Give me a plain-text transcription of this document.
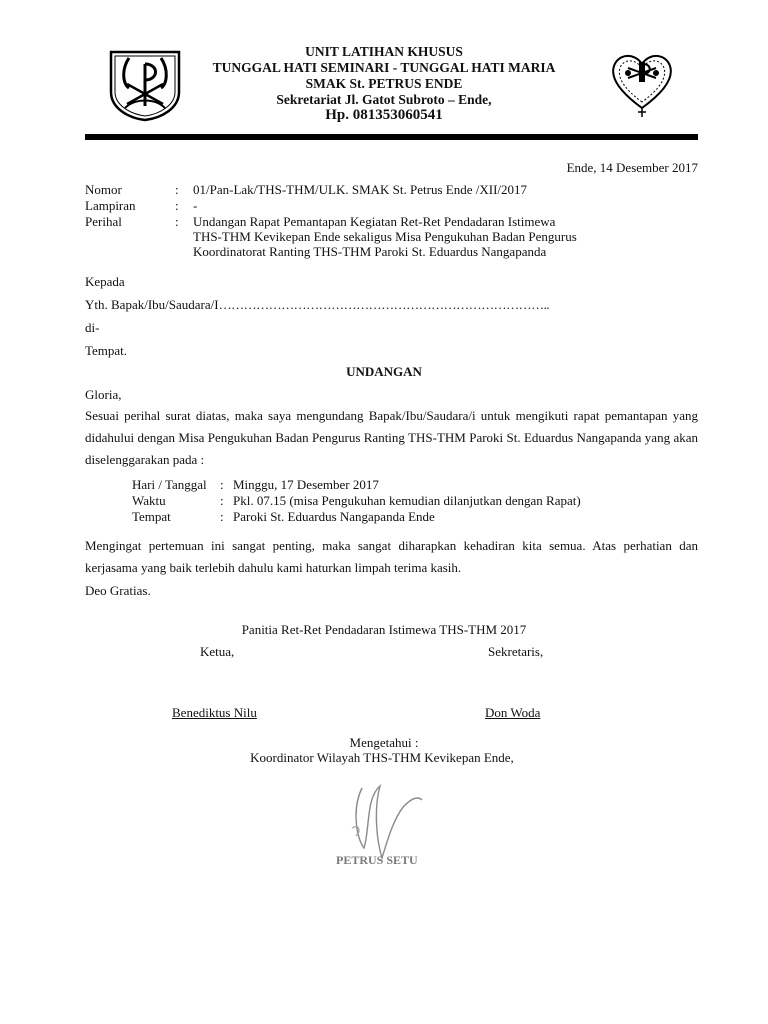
UNIT LATIHAN KHUSUS
TUNGGAL HATI SEMINARI - TUNGGAL HATI MARIA
SMAK St. PETRUS ENDE
Sekretariat Jl. Gatot Subroto – Ende,
Hp. 081353060541
Ende, 14 Desember 2017
Nomor	: 01/Pan-Lak/THS-THM/ULK. SMAK St. Petrus Ende /XII/2017
Lampiran	: -
Perihal	: Undangan Rapat Pemantapan Kegiatan Ret-Ret Pendadaran Istimewa
THS-THM Kevikepan Ende sekaligus Misa Pengukuhan Badan Pengurus
Koordinatorat Ranting THS-THM Paroki St. Eduardus Nangapanda
Kepada
Yth. Bapak/Ibu/Saudara/I……………………………………………………………………..
di-
Tempat.
UNDANGAN
Gloria,
Sesuai perihal surat diatas, maka saya mengundang Bapak/Ibu/Saudara/i untuk mengikuti rapat pemantapan yang didahului dengan Misa Pengukuhan Badan Pengurus Ranting THS-THM Paroki St. Eduardus Nangapanda yang akan diselenggarakan pada :
Hari / Tanggal : Minggu, 17 Desember 2017
Waktu	: Pkl. 07.15 (misa Pengukuhan kemudian dilanjutkan dengan Rapat)
Tempat	: Paroki St. Eduardus Nangapanda Ende
Mengingat pertemuan ini sangat penting, maka sangat diharapkan kehadiran kita semua. Atas perhatian dan kerjasama yang baik terlebih dahulu kami haturkan limpah terima kasih.
Deo Gratias.
Panitia Ret-Ret Pendadaran Istimewa THS-THM 2017
Ketua,	Sekretaris,
Benediktus Nilu	Don Woda
Mengetahui :
Koordinator Wilayah THS-THM Kevikepan Ende,
PETRUS SETU
